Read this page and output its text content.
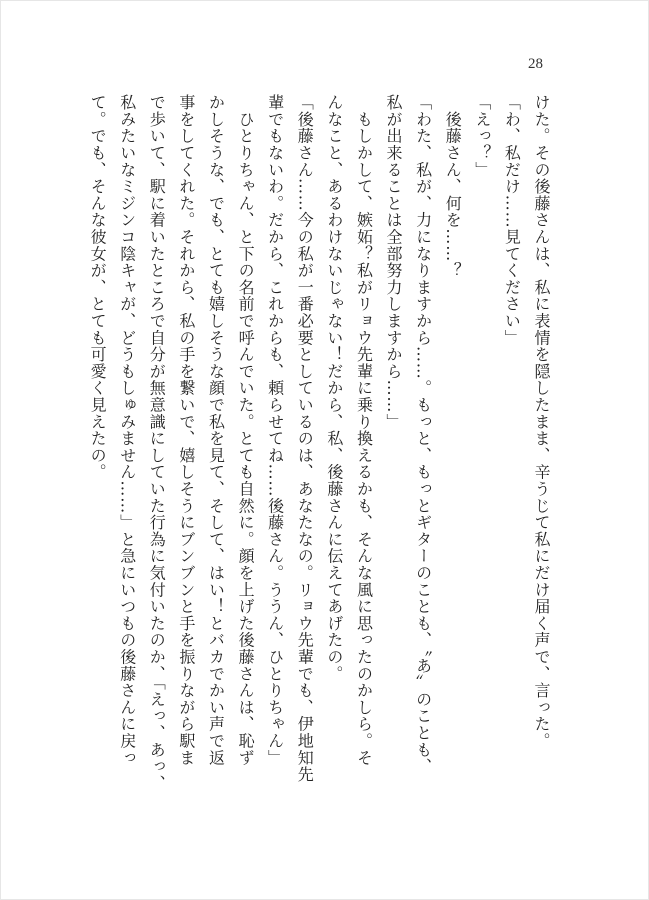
28
けた。その後藤さんは、私に表情を隠したまま、辛うじて私にだけ届く声で、言った。
「わ、私だけ……見てください」
「えっ？」
　後藤さん、何を……？
「わた、私が、力になりますから……。もっと、もっとギターのことも、〝あ〟のことも、
私が出来ることは全部努力しますから……」
　もしかして、嫉妬？私がリョウ先輩に乗り換えるかも、そんな風に思ったのかしら。そ
んなこと、あるわけないじゃない！だから、私、後藤さんに伝えてあげたの。
「後藤さん……今の私が一番必要としているのは、あなたなの。リョウ先輩でも、伊地知先
輩でもないわ。だから、これからも、頼らせてね……後藤さん。ううん、ひとりちゃん」
　ひとりちゃん、と下の名前で呼んでいた。とても自然に。顔を上げた後藤さんは、恥ず
かしそうな、でも、とても嬉しそうな顔で私を見て、そして、はい！とバカでかい声で返
事をしてくれた。それから、私の手を繋いで、嬉しそうにブンブンと手を振りながら駅ま
で歩いて、駅に着いたところで自分が無意識にしていた行為に気付いたのか、「えっ、あっ、
私みたいなミジンコ陰キャが、どうもしゅみません……」と急にいつもの後藤さんに戻っ
て。でも、そんな彼女が、とても可愛く見えたの。
